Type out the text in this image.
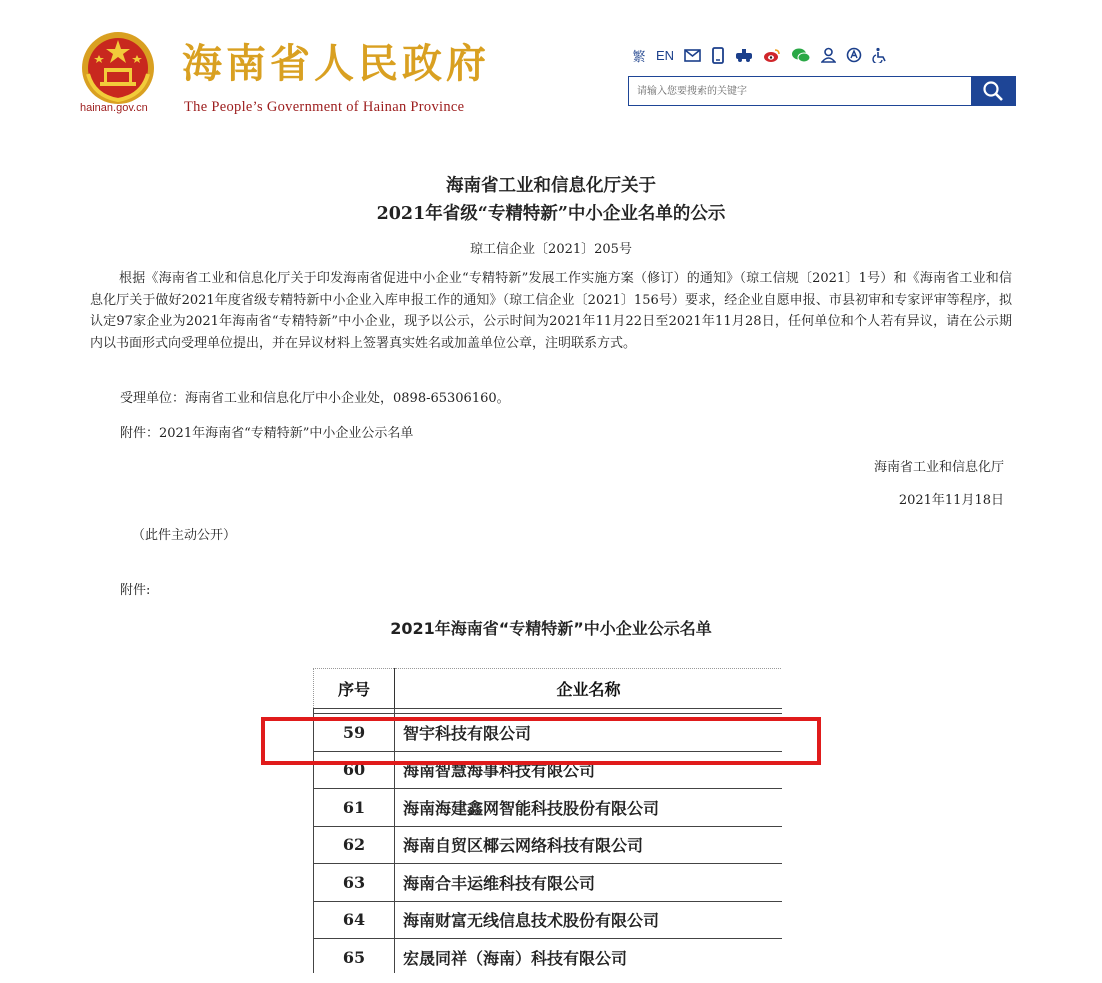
hainan.gov.cn
海南省人民政府
The People’s Government of Hainan Province
繁 EN
请输入您要搜索的关键字
海南省工业和信息化厅关于
2021年省级“专精特新”中小企业名单的公示
琼工信企业〔2021〕205号

根据《海南省工业和信息化厅关于印发海南省促进中小企业“专精特新”发展工作实施方案（修订）的通知》（琼工信规〔2021〕1号）和《海南省工业和信息化厅关于做好2021年度省级专精特新中小企业入库申报工作的通知》（琼工信企业〔2021〕156号）要求，经企业自愿申报、市县初审和专家评审等程序，拟认定97家企业为2021年海南省“专精特新”中小企业，现予以公示，公示时间为2021年11月22日至2021年11月28日，任何单位和个人若有异议，请在公示期内以书面形式向受理单位提出，并在异议材料上签署真实姓名或加盖单位公章，注明联系方式。

受理单位：海南省工业和信息化厅中小企业处，0898-65306160。
附件：2021年海南省“专精特新”中小企业公示名单
海南省工业和信息化厅
2021年11月18日
（此件主动公开）
附件:
2021年海南省“专精特新”中小企业公示名单
序号	企业名称

59	智宇科技有限公司
60	海南智慧海事科技有限公司
61	海南海建鑫网智能科技股份有限公司
62	海南自贸区椰云网络科技有限公司
63	海南合丰运维科技有限公司
64	海南财富无线信息技术股份有限公司
65	宏晟同祥（海南）科技有限公司
